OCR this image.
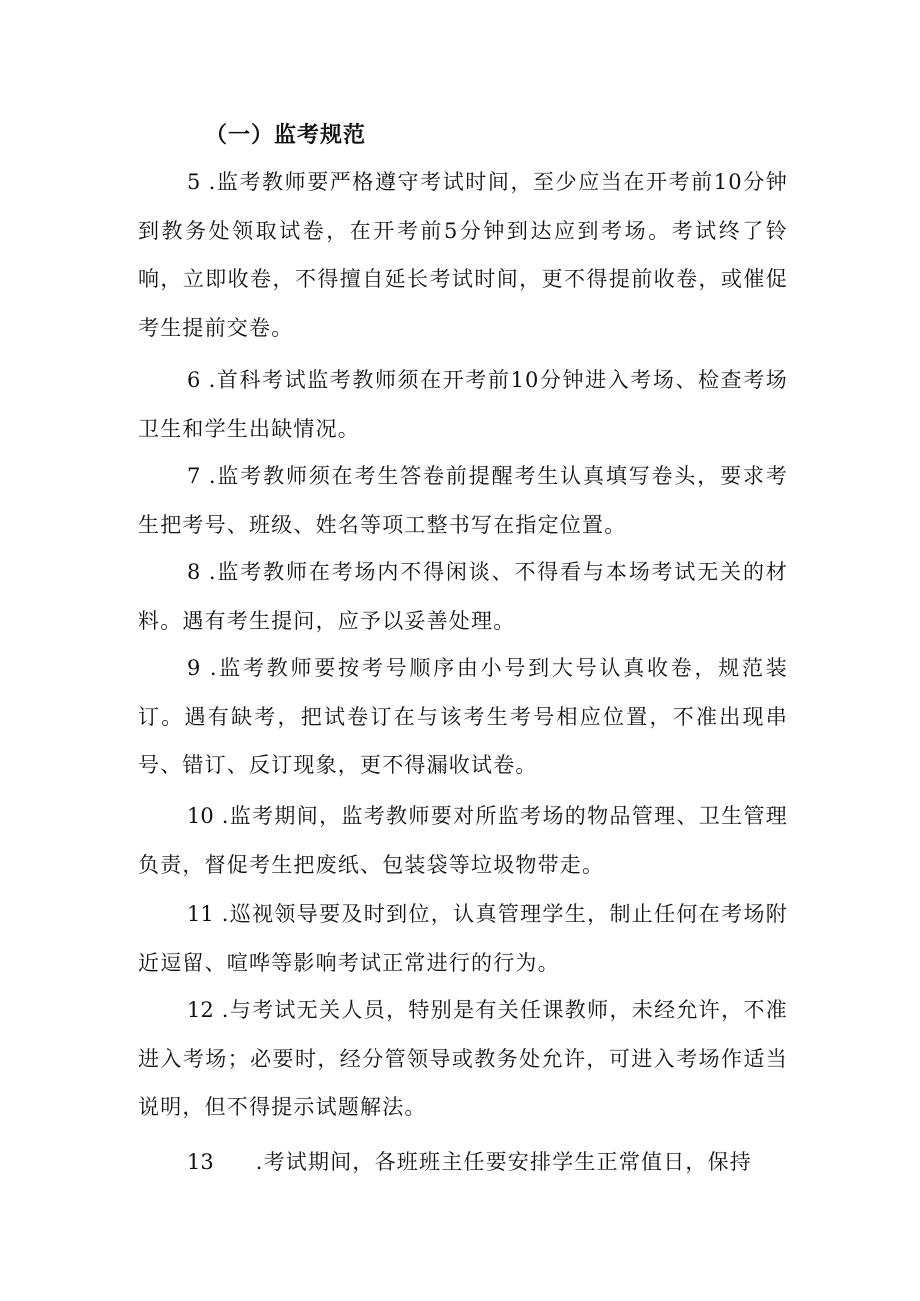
（一）监考规范
5 .监考教师要严格遵守考试时间，至少应当在开考前10分钟到教务处领取试卷，在开考前5分钟到达应到考场。考试终了铃响，立即收卷，不得擅自延长考试时间，更不得提前收卷，或催促考生提前交卷。
6 .首科考试监考教师须在开考前10分钟进入考场、检查考场卫生和学生出缺情况。
7 .监考教师须在考生答卷前提醒考生认真填写卷头，要求考生把考号、班级、姓名等项工整书写在指定位置。
8 .监考教师在考场内不得闲谈、不得看与本场考试无关的材料。遇有考生提问，应予以妥善处理。
9 .监考教师要按考号顺序由小号到大号认真收卷，规范装订。遇有缺考，把试卷订在与该考生考号相应位置，不准出现串号、错订、反订现象，更不得漏收试卷。
10 .监考期间，监考教师要对所监考场的物品管理、卫生管理负责，督促考生把废纸、包装袋等垃圾物带走。
11 .巡视领导要及时到位，认真管理学生，制止任何在考场附近逗留、喧哗等影响考试正常进行的行为。
12 .与考试无关人员，特别是有关任课教师，未经允许，不准进入考场；必要时，经分管领导或教务处允许，可进入考场作适当说明，但不得提示试题解法。
13 .考试期间，各班班主任要安排学生正常值日，保持
